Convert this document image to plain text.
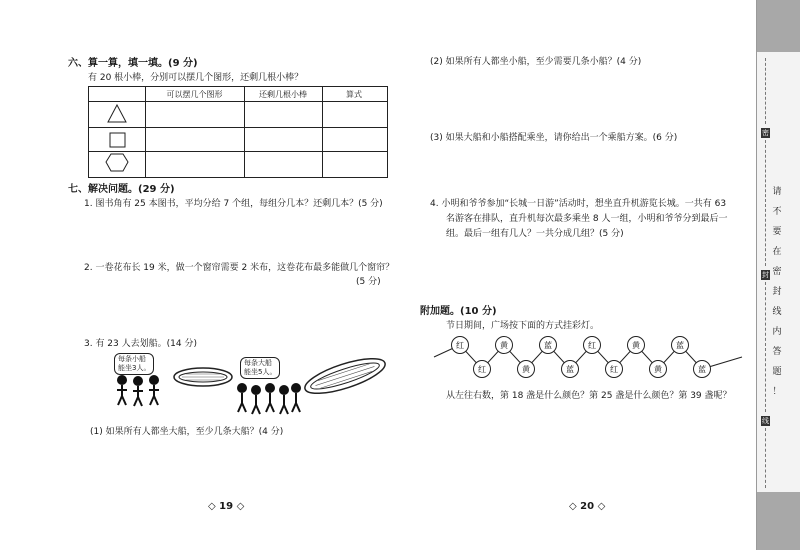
六、算一算，填一填。(9 分)
有 20 根小棒，分别可以摆几个图形，还剩几根小棒？
可以摆几个图形	还剩几根小棒	算式
七、解决问题。(29 分)
1. 图书角有 25 本图书，平均分给 7 个组，每组分几本？还剩几本？(5 分)
2. 一卷花布长 19 米，做一个窗帘需要 2 米布，这卷花布最多能做几个窗帘？
(5 分)
3. 有 23 人去划船。(14 分)
每条小船
能坐3人。
每条大船
能坐5人。
(1) 如果所有人都坐大船，至少几条大船？(4 分)
◇ 19 ◇
(2) 如果所有人都坐小船，至少需要几条小船？(4 分)
(3) 如果大船和小船搭配乘坐，请你给出一个乘船方案。(6 分)
4. 小明和爷爷参加“长城一日游”活动时，想坐直升机游览长城。一共有 63
名游客在排队，直升机每次最多乘坐 8 人一组，小明和爷爷分到最后一
组。最后一组有几人？一共分成几组？(5 分)
附加题。(10 分)
节日期间，广场按下面的方式挂彩灯。
红
红
黄
黄
蓝
蓝
红
红
黄
黄
蓝
蓝
从左往右数，第 18 盏是什么颜色？第 25 盏是什么颜色？第 39 盏呢？
◇ 20 ◇
密
封
线
请
不
要
在
密
封
线
内
答
题
！
